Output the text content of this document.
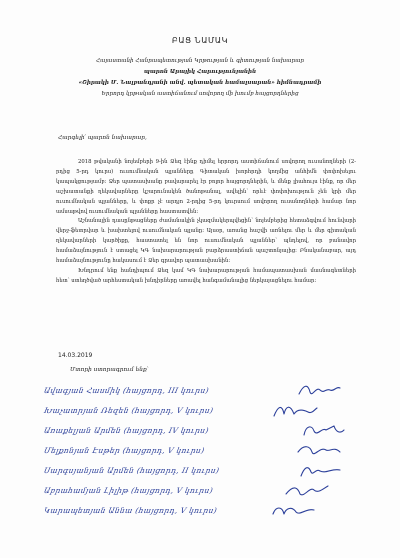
ԲԱՑ ՆԱՄԱԿ
Հայաստանի Հանրապետության Կրթության և գիտության նախարար
պարոն Արայիկ Հարությունյանին
«Շիրակի Մ. Նալբանդյանի անվ. պետական համալսարան» հիմնադրամի
Երրորդ կրթական աստիճանում սովորող մի խումբ հայցորդներից
Հարգելի՛ պարոն նախարար,

2018 թվականի նոյեմբերի 9-ին Ձեզ էինք դիմել երրորդ աստիճանում սովորող ուսանողների (2-րդից 5-րդ կուրս) ուսումնական պլանները Գիտական խորհրդի կողմից անհիմն փոփոխելու կապակցությամբ: Ձեր պատասխանը բավարարել էր բոլոր հայցորդներին, և մենք լիահույս էինք, որ մեր աշխատանքի ղեկավարները կշարունակեն ծանոթանալ, ավելին՝ որևէ փոփոխություն չեն կրի մեր ուսումնական պլանները, և փոքր չէ արդյո 2-րդից 5-րդ կուրսում սովորող ուսանողների համար նոր ամսաթվով ուսումնական պլանները հաստատվեն:

Աշնանային դասընթացները ժամանակին չկազմակերպվեցին՝ նոյեմբերից հետաձգվում հունվարի վերջ-ֆետրվար և խախտելով ուսումնական պլանը: Այսօր, առանց հաշվի առնելու մեր և մեր գիտական ղեկավարների կարծիքը, հաստատել են նոր ուսումնական պլաններ՝ պնդելով, որ բանավոր համաձայնություն է ստացել ԿԳ նախարարության բարձրաստիճան պաշտոնյայից: Բնականաբար, այդ համաձայնությունը հակասում է Ձեր գրավոր պատասխանին:

Խնդրում ենք հանդիպում Ձեզ կամ ԿԳ նախարարության համապատասխան մասնագետների հետ՝ ստեղծված արհեստական խնդիրները առավել հանգամանալից ներկայացնելու համար:

14.03.2019
Մտորի ստորագրում ենք՝
Ավագյան Հասմիկ (հայցորդ, III կուրս)
Խաչատրյան Ռեզեն (հայցորդ, V կուրս)
Առաքելյան Արմեն (հայցորդ, IV կուրս)
Մելքոնյան Էսթեր (հայցորդ, V կուրս)
Սարգսյանյան Արմեն (հայցորդ, II կուրս)
Աբրահամյան Լիլիթ (հայցորդ, V կուրս)
Կարապետյան Աննա (հայցորդ, V կուրս)
